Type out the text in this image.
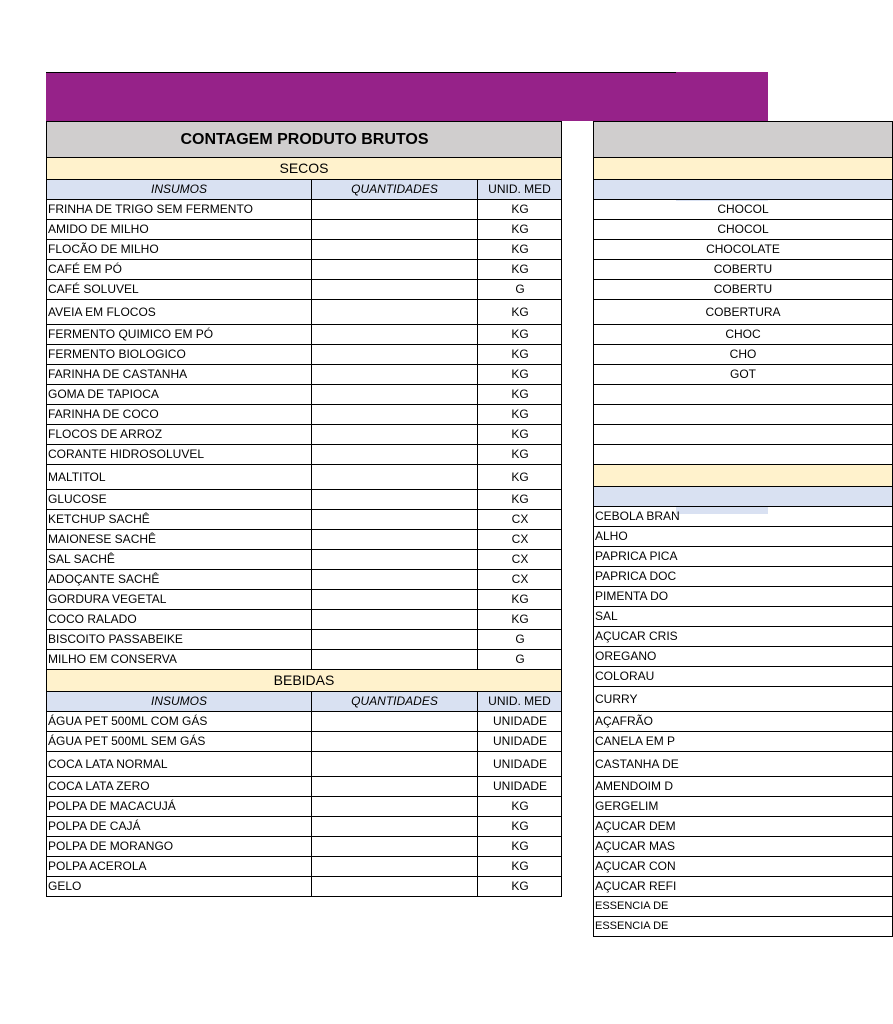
CONTAGEM PRODUTO BRUTOS		
SECOS		
INSUMOS	QUANTIDADES	UNID. MED
FRINHA DE TRIGO SEM FERMENTO		KG
AMIDO DE MILHO		KG
FLOCÃO DE MILHO		KG
CAFÉ EM PÓ		KG
CAFÉ SOLUVEL		G
AVEIA EM FLOCOS		KG
FERMENTO QUIMICO EM PÓ		KG
FERMENTO BIOLOGICO		KG
FARINHA DE CASTANHA		KG
GOMA DE TAPIOCA		KG
FARINHA DE COCO		KG
FLOCOS DE ARROZ		KG
CORANTE HIDROSOLUVEL		KG
MALTITOL		KG
GLUCOSE		KG
KETCHUP SACHÊ		CX
MAIONESE SACHÊ		CX
SAL SACHÊ		CX
ADOÇANTE SACHÊ		CX
GORDURA VEGETAL		KG
COCO RALADO		KG
BISCOITO PASSABEIKE		G
MILHO EM CONSERVA		G
BEBIDAS		
INSUMOS	QUANTIDADES	UNID. MED
ÁGUA PET 500ML COM GÁS		UNIDADE
ÁGUA PET 500ML SEM GÁS		UNIDADE
COCA LATA NORMAL		UNIDADE
COCA LATA ZERO		UNIDADE
POLPA DE MACACUJÁ		KG
POLPA DE CAJÁ		KG
POLPA DE MORANGO		KG
POLPA ACEROLA		KG
GELO		KG

CHOCOL
CHOCOL
CHOCOLATE
COBERTU
COBERTU
COBERTURA
CHOC
CHO
GOT

CEBOLA BRAN
ALHO
PAPRICA PICA
PAPRICA DOC
PIMENTA DO
SAL
AÇUCAR CRIS
OREGANO
COLORAU
CURRY
AÇAFRÃO
CANELA EM P
CASTANHA DE
AMENDOIM D
GERGELIM
AÇUCAR DEM
AÇUCAR MAS
AÇUCAR CON
AÇUCAR REFI
ESSENCIA DE
ESSENCIA DE
